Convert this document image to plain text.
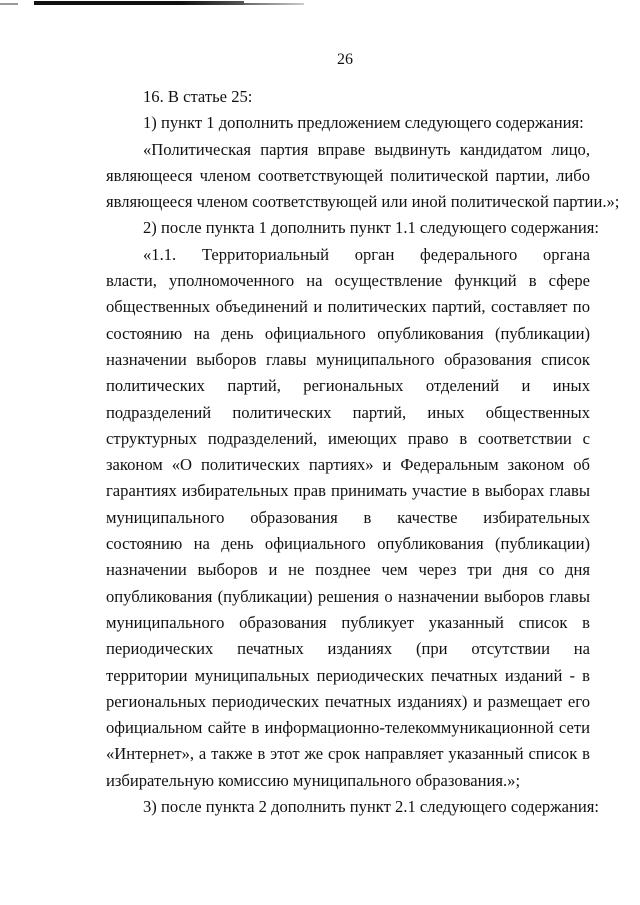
26
16. В статье 25:
1) пункт 1 дополнить предложением следующего содержания:
«Политическая партия вправе выдвинуть кандидатом лицо,
являющееся членом соответствующей политической партии, либо
являющееся членом соответствующей или иной политической партии.»;
2) после пункта 1 дополнить пункт 1.1 следующего содержания:
«1.1. Территориальный орган федерального органа
власти, уполномоченного на осуществление функций в сфере
общественных объединений и политических партий, составляет по
состоянию на день официального опубликования (публикации)
назначении выборов главы муниципального образования список
политических партий, региональных отделений и иных
подразделений политических партий, иных общественных
структурных подразделений, имеющих право в соответствии с
законом «О политических партиях» и Федеральным законом об
гарантиях избирательных прав принимать участие в выборах главы
муниципального образования в качестве избирательных
состоянию на день официального опубликования (публикации)
назначении выборов и не позднее чем через три дня со дня
опубликования (публикации) решения о назначении выборов главы
муниципального образования публикует указанный список в
периодических печатных изданиях (при отсутствии на
территории муниципальных периодических печатных изданий - в
региональных периодических печатных изданиях) и размещает его
официальном сайте в информационно-телекоммуникационной сети
«Интернет», а также в этот же срок направляет указанный список в
избирательную комиссию муниципального образования.»;
3) после пункта 2 дополнить пункт 2.1 следующего содержания:
